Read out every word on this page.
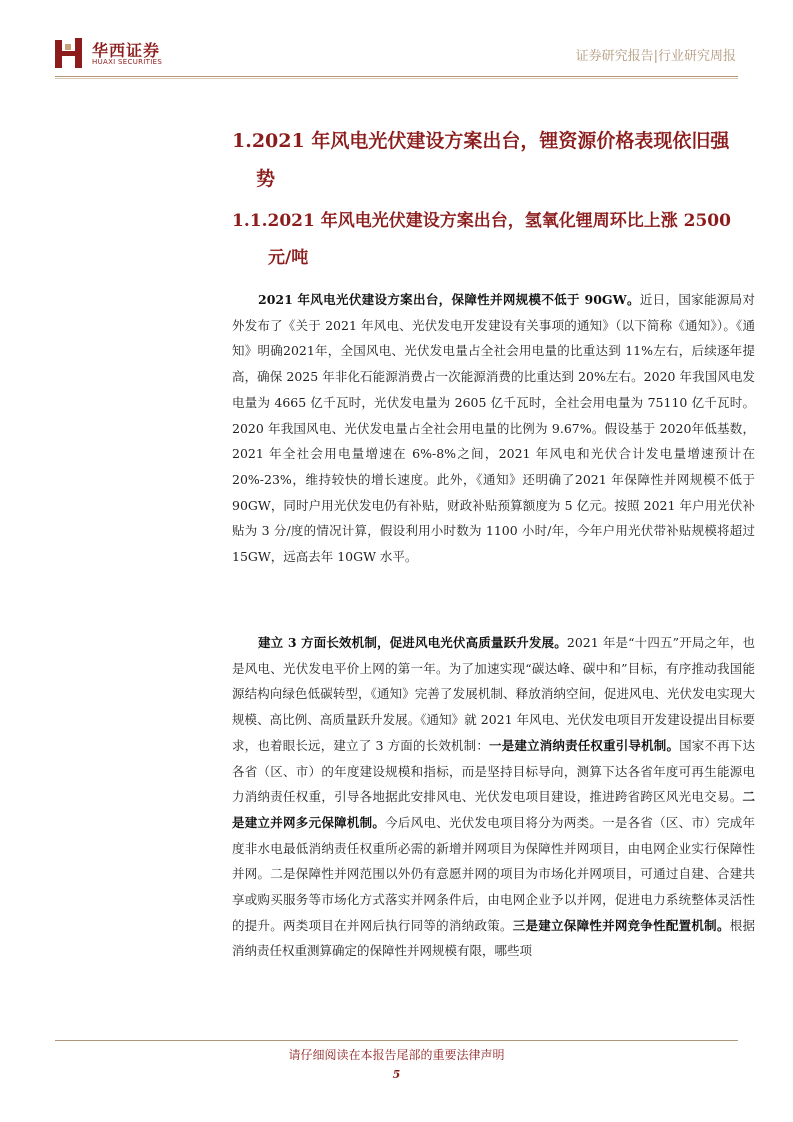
华西证券
HUAXI SECURITIES	证券研究报告|行业研究周报
1.2021 年风电光伏建设方案出台，锂资源价格表现依旧强
势
1.1.2021 年风电光伏建设方案出台，氢氧化锂周环比上涨 2500
元/吨

2021 年风电光伏建设方案出台，保障性并网规模不低于 90GW。近日，国家能源局对外发布了《关于 2021 年风电、光伏发电开发建设有关事项的通知》（以下简称《通知》）。《通知》明确2021年，全国风电、光伏发电量占全社会用电量的比重达到 11%左右，后续逐年提高，确保 2025 年非化石能源消费占一次能源消费的比重达到 20%左右。2020 年我国风电发电量为 4665 亿千瓦时，光伏发电量为 2605 亿千瓦时，全社会用电量为 75110 亿千瓦时。2020 年我国风电、光伏发电量占全社会用电量的比例为 9.67%。假设基于 2020年低基数，2021 年全社会用电量增速在 6%-8%之间，2021 年风电和光伏合计发电量增速预计在 20%-23%，维持较快的增长速度。此外，《通知》还明确了2021 年保障性并网规模不低于 90GW，同时户用光伏发电仍有补贴，财政补贴预算额度为 5 亿元。按照 2021 年户用光伏补贴为 3 分/度的情况计算，假设利用小时数为 1100 小时/年，今年户用光伏带补贴规模将超过 15GW，远高去年 10GW 水平。

建立 3 方面长效机制，促进风电光伏高质量跃升发展。2021 年是“十四五”开局之年，也是风电、光伏发电平价上网的第一年。为了加速实现“碳达峰、碳中和”目标，有序推动我国能源结构向绿色低碳转型，《通知》完善了发展机制、释放消纳空间，促进风电、光伏发电实现大规模、高比例、高质量跃升发展。《通知》就 2021 年风电、光伏发电项目开发建设提出目标要求，也着眼长远，建立了 3 方面的长效机制：一是建立消纳责任权重引导机制。国家不再下达各省（区、市）的年度建设规模和指标，而是坚持目标导向，测算下达各省年度可再生能源电力消纳责任权重，引导各地据此安排风电、光伏发电项目建设，推进跨省跨区风光电交易。二是建立并网多元保障机制。今后风电、光伏发电项目将分为两类。一是各省（区、市）完成年度非水电最低消纳责任权重所必需的新增并网项目为保障性并网项目，由电网企业实行保障性并网。二是保障性并网范围以外仍有意愿并网的项目为市场化并网项目，可通过自建、合建共享或购买服务等市场化方式落实并网条件后，由电网企业予以并网，促进电力系统整体灵活性的提升。两类项目在并网后执行同等的消纳政策。三是建立保障性并网竞争性配置机制。根据消纳责任权重测算确定的保障性并网规模有限，哪些项

请仔细阅读在本报告尾部的重要法律声明
5
